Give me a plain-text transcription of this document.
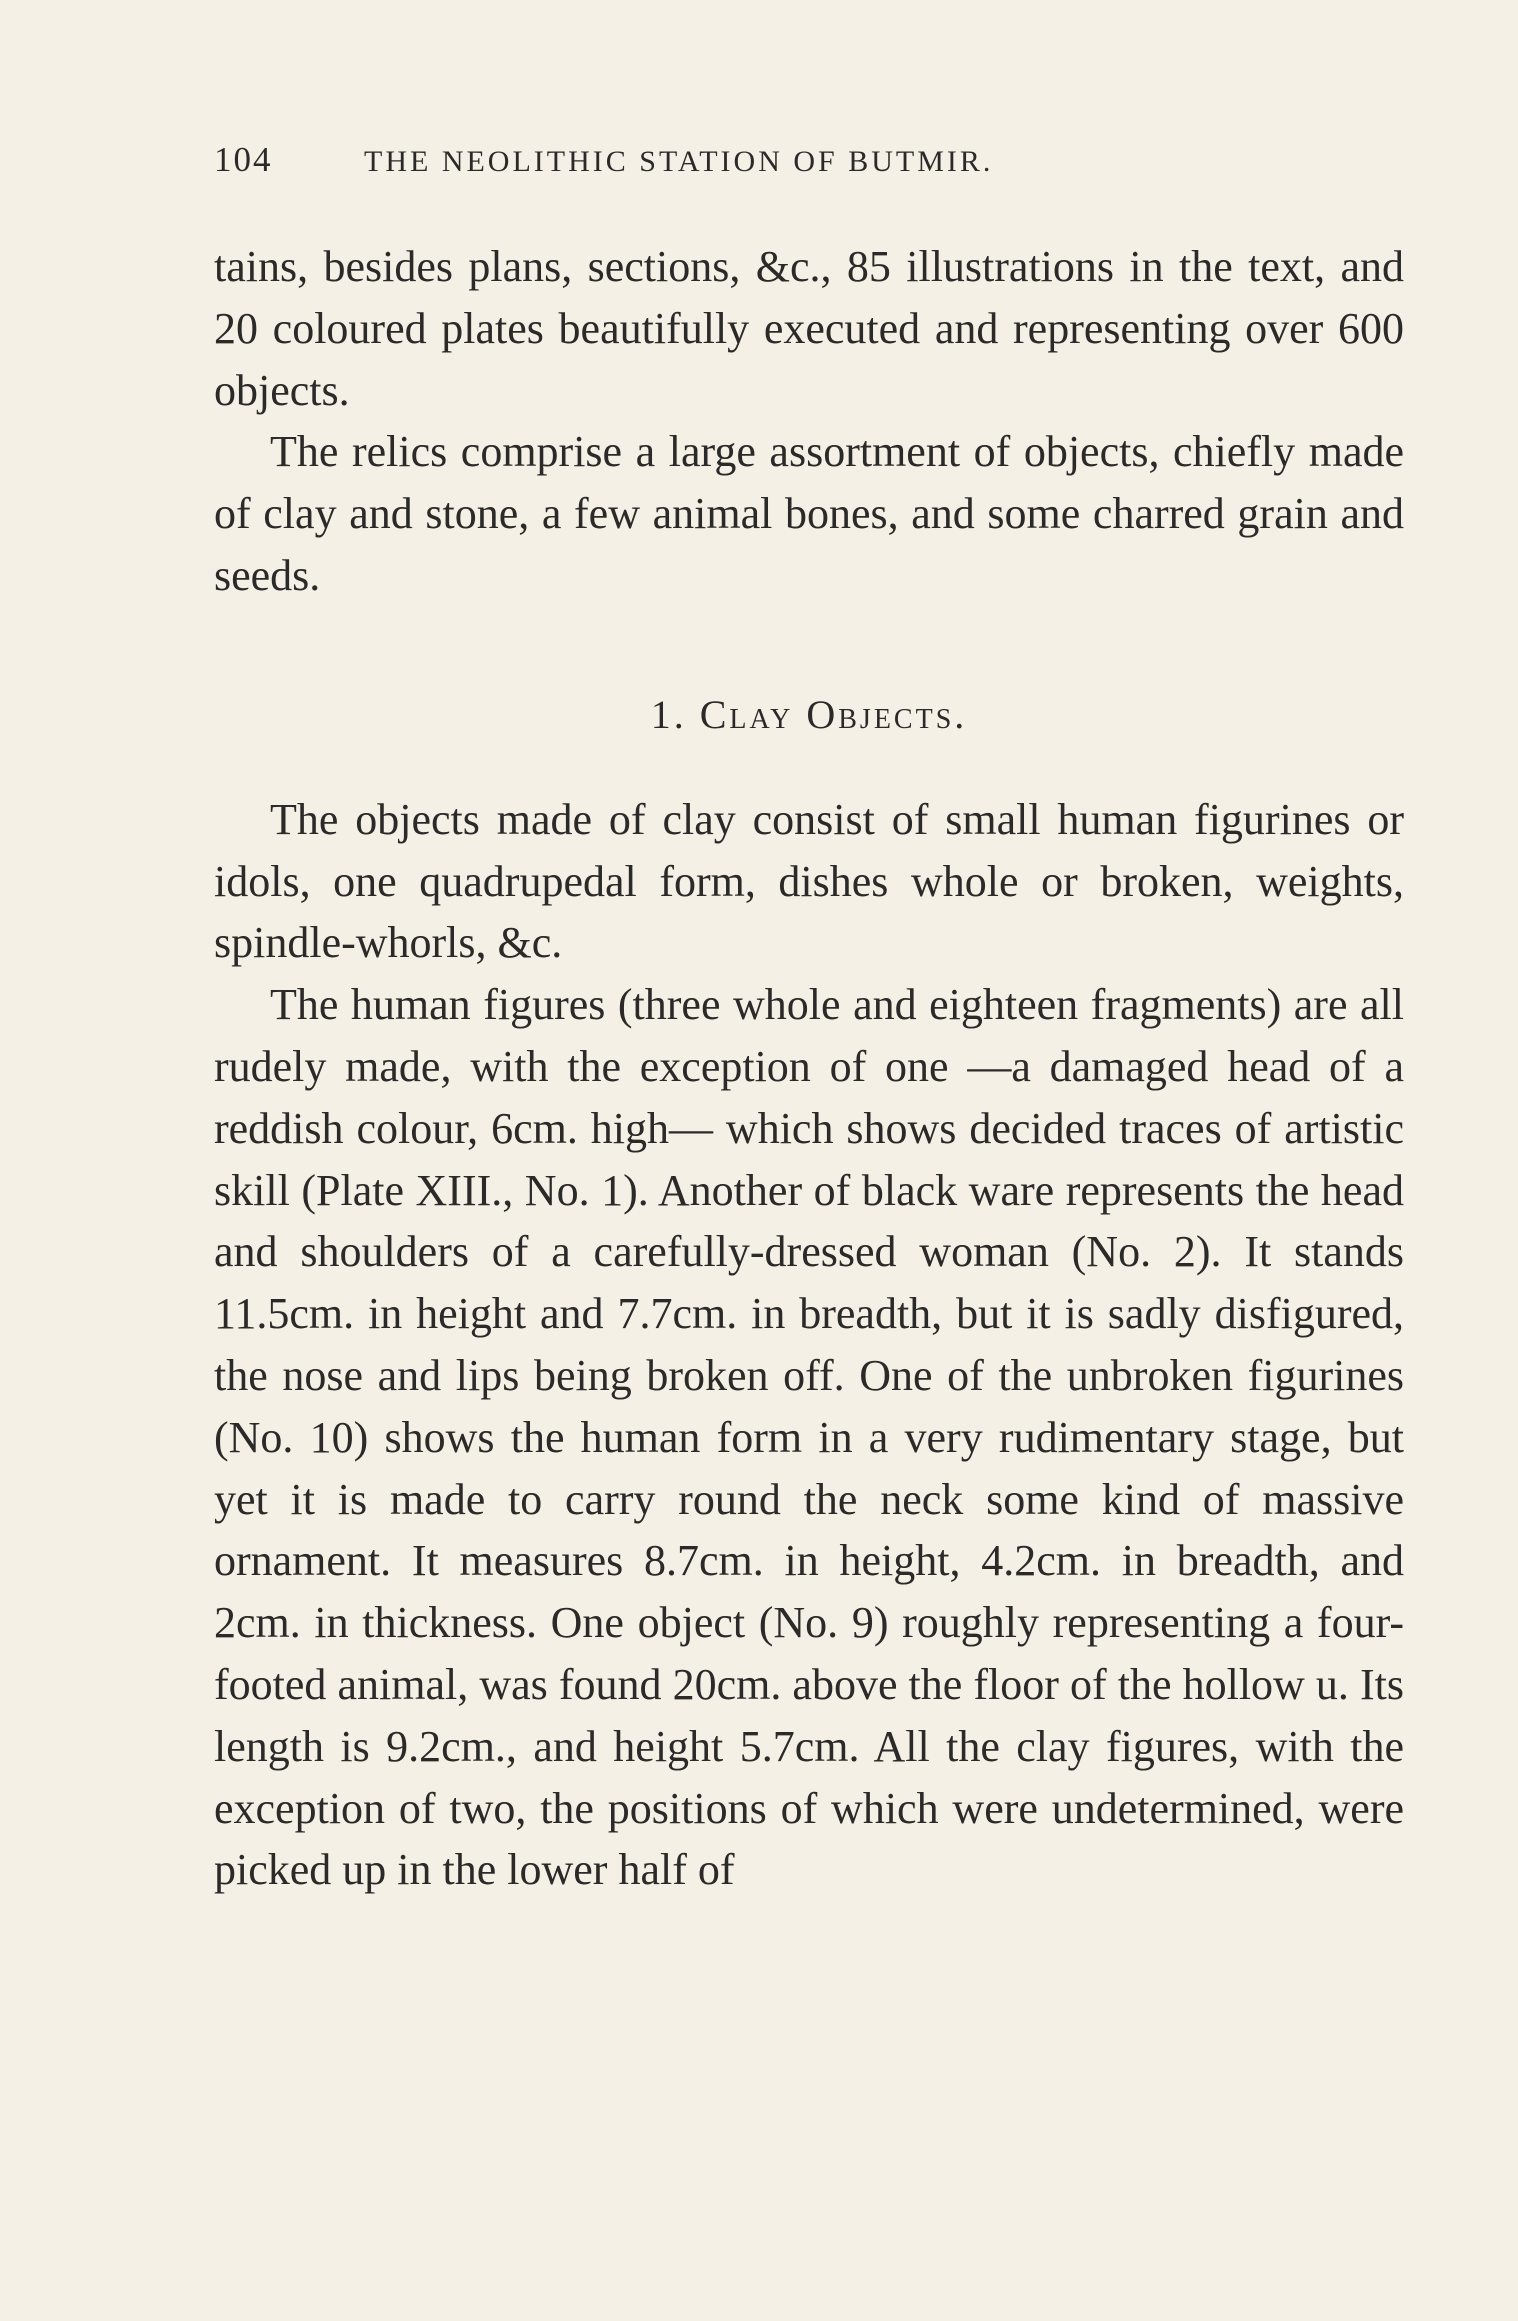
104	THE NEOLITHIC STATION OF BUTMIR.

tains, besides plans, sections, &c., 85 illustrations in the text, and 20 coloured plates beautifully executed and representing over 600 objects.

The relics comprise a large assortment of objects, chiefly made of clay and stone, a few animal bones, and some charred grain and seeds.

1. Clay Objects.

The objects made of clay consist of small human figurines or idols, one quadrupedal form, dishes whole or broken, weights, spindle-whorls, &c.

The human figures (three whole and eighteen fragments) are all rudely made, with the exception of one —a damaged head of a reddish colour, 6cm. high— which shows decided traces of artistic skill (Plate XIII., No. 1). Another of black ware represents the head and shoulders of a carefully-dressed woman (No. 2). It stands 11.5cm. in height and 7.7cm. in breadth, but it is sadly disfigured, the nose and lips being broken off. One of the unbroken figurines (No. 10) shows the human form in a very rudimentary stage, but yet it is made to carry round the neck some kind of massive ornament. It measures 8.7cm. in height, 4.2cm. in breadth, and 2cm. in thickness. One object (No. 9) roughly representing a four-footed animal, was found 20cm. above the floor of the hollow u. Its length is 9.2cm., and height 5.7cm. All the clay figures, with the exception of two, the positions of which were undetermined, were picked up in the lower half of
